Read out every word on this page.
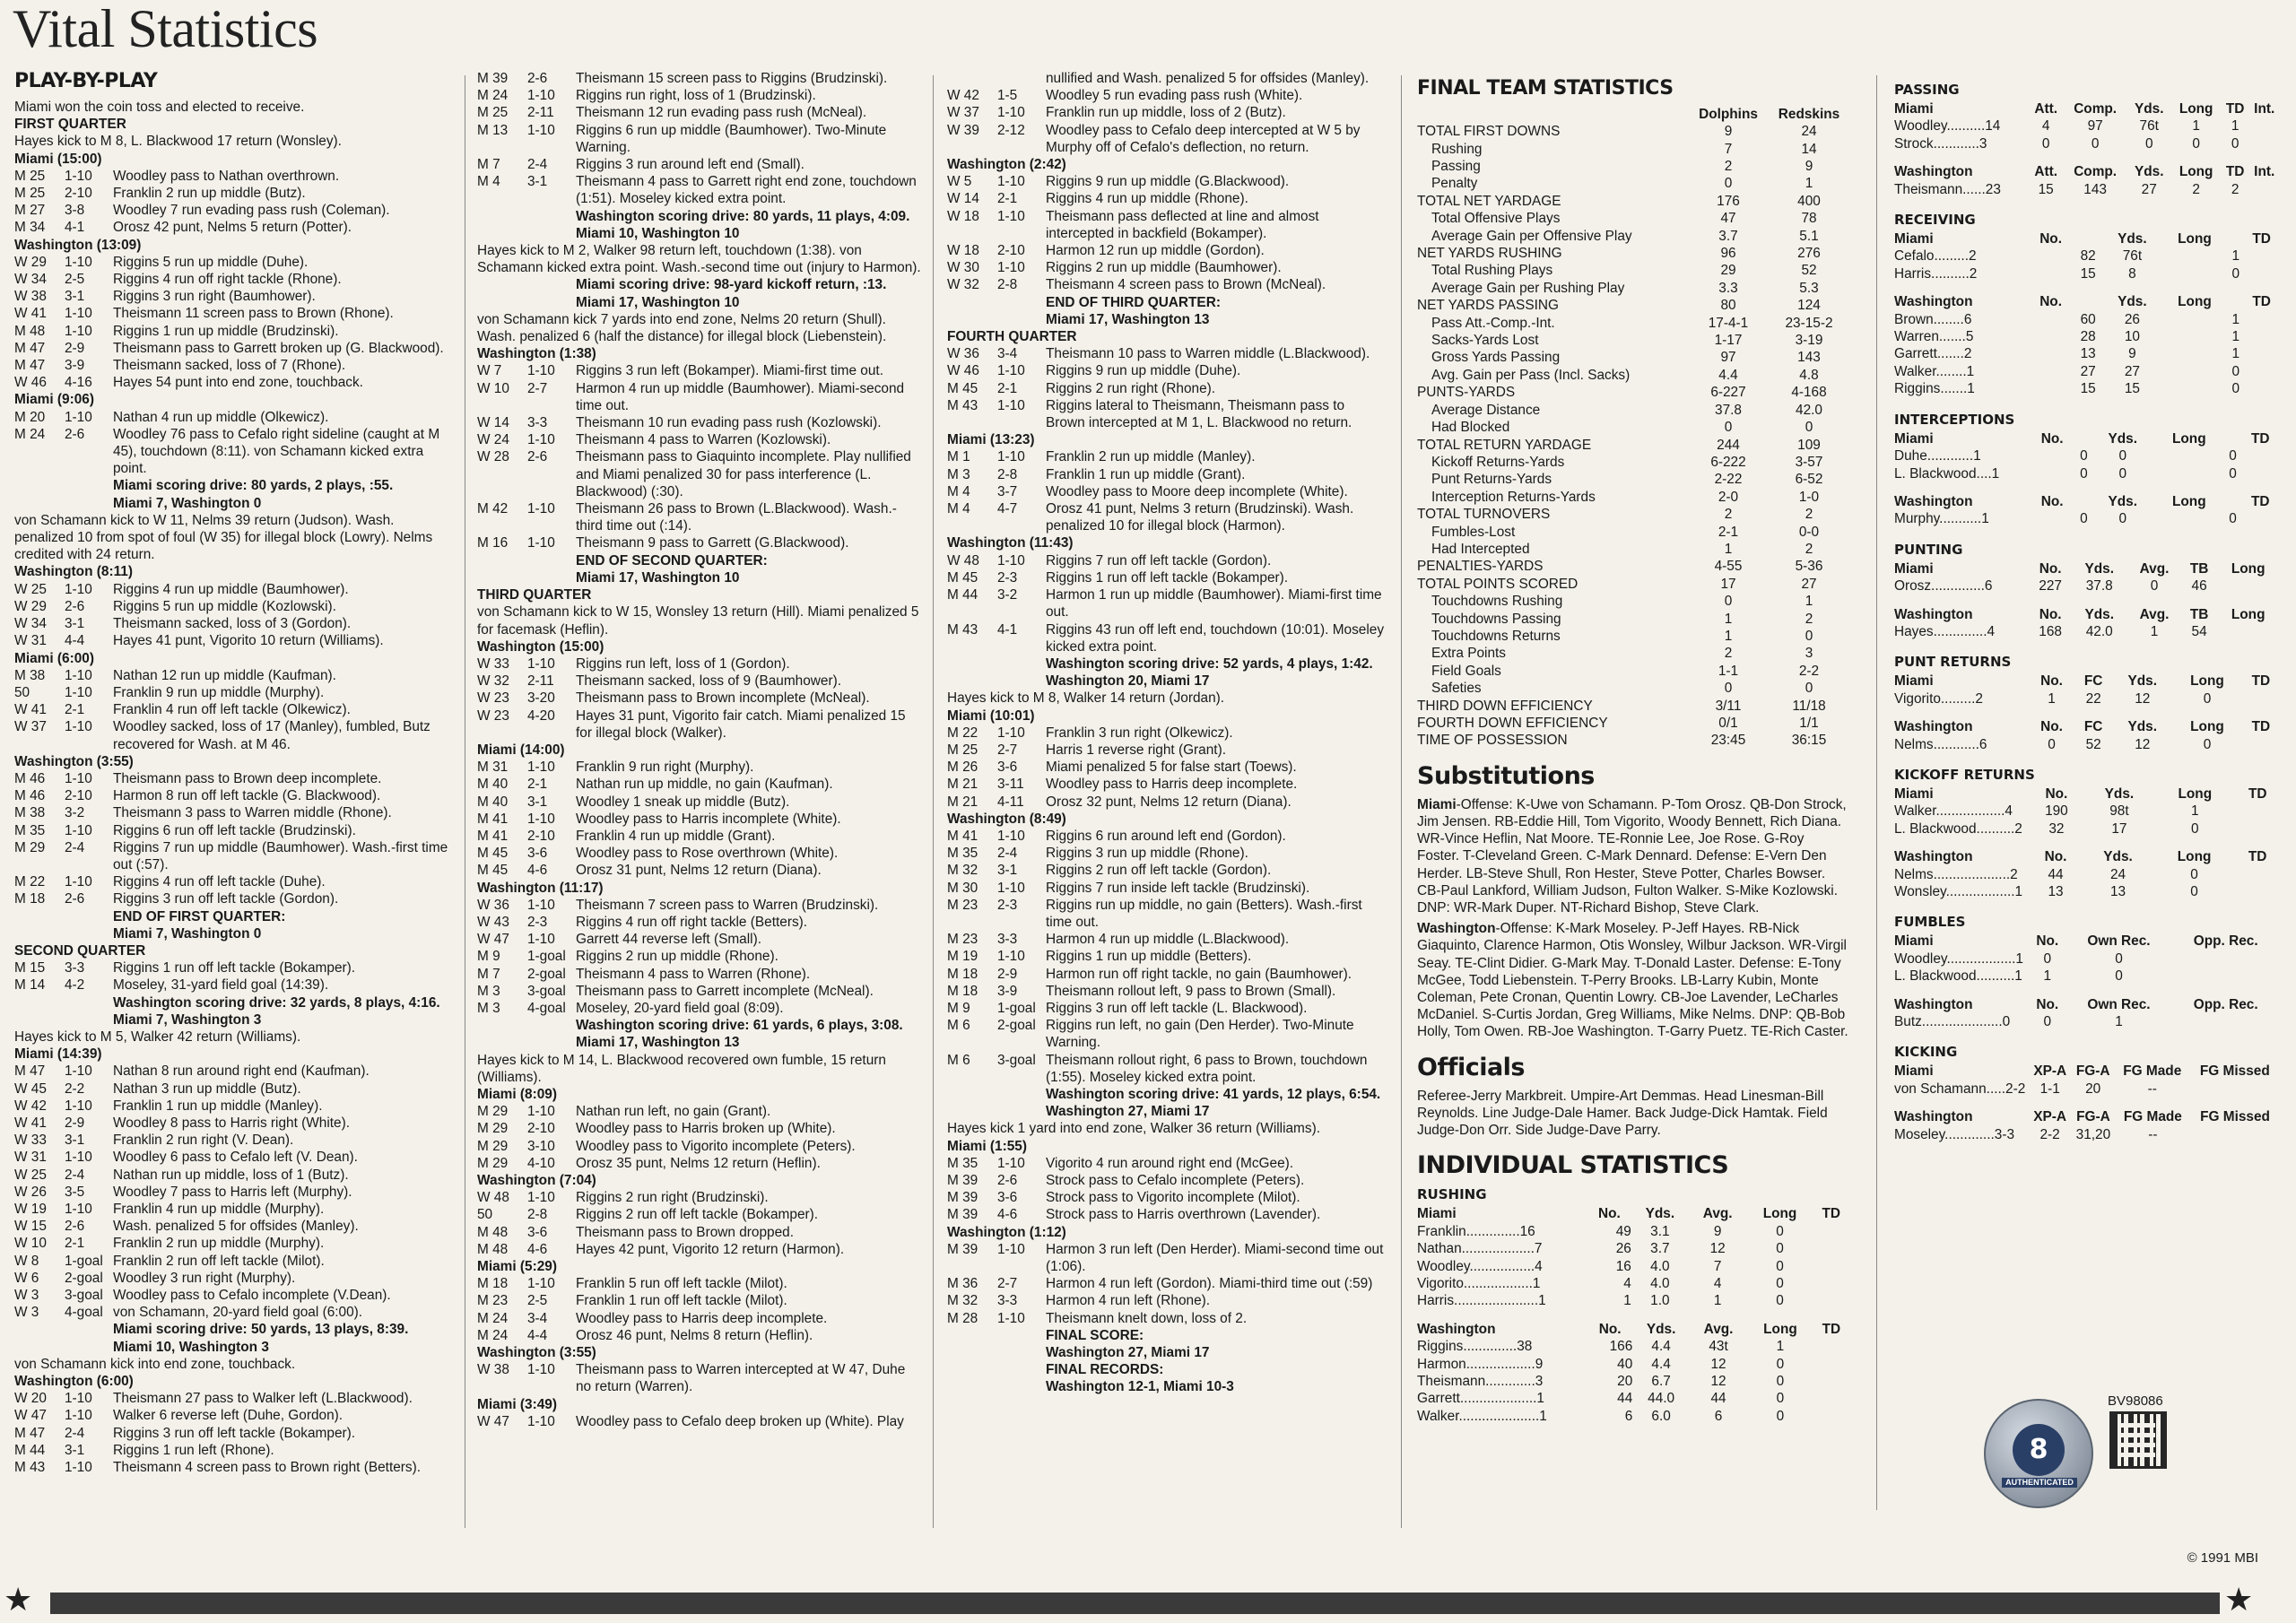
Vital Statistics
PLAY-BY-PLAY
Miami won the coin toss and elected to receive.
FIRST QUARTER
Hayes kick to M 8, L. Blackwood 17 return (Wonsley).
Miami (15:00)
M 25	1-10	Woodley pass to Nathan overthrown.
M 25	2-10	Franklin 2 run up middle (Butz).
M 27	3-8	Woodley 7 run evading pass rush (Coleman).
M 34	4-1	Orosz 42 punt, Nelms 5 return (Potter).
Washington (13:09)
W 29	1-10	Riggins 5 run up middle (Duhe).
W 34	2-5	Riggins 4 run off right tackle (Rhone).
W 38	3-1	Riggins 3 run right (Baumhower).
W 41	1-10	Theismann 11 screen pass to Brown (Rhone).
M 48	1-10	Riggins 1 run up middle (Brudzinski).
M 47	2-9	Theismann pass to Garrett broken up (G. Blackwood).
M 47	3-9	Theismann sacked, loss of 7 (Rhone).
W 46	4-16	Hayes 54 punt into end zone, touchback.
Miami (9:06)
M 20	1-10	Nathan 4 run up middle (Olkewicz).
M 24	2-6	Woodley 76 pass to Cefalo right sideline (caught at M 45), touchdown (8:11). von Schamann kicked extra point.
Miami scoring drive: 80 yards, 2 plays, :55.
Miami 7, Washington 0
von Schamann kick to W 11, Nelms 39 return (Judson). Wash. penalized 10 from spot of foul (W 35) for illegal block (Lowry). Nelms credited with 24 return.
Washington (8:11)
W 25	1-10	Riggins 4 run up middle (Baumhower).
W 29	2-6	Riggins 5 run up middle (Kozlowski).
W 34	3-1	Theismann sacked, loss of 3 (Gordon).
W 31	4-4	Hayes 41 punt, Vigorito 10 return (Williams).
Miami (6:00)
M 38	1-10	Nathan 12 run up middle (Kaufman).
50	1-10	Franklin 9 run up middle (Murphy).
W 41	2-1	Franklin 4 run off left tackle (Olkewicz).
W 37	1-10	Woodley sacked, loss of 17 (Manley), fumbled, Butz recovered for Wash. at M 46.
Washington (3:55)
M 46	1-10	Theismann pass to Brown deep incomplete.
M 46	2-10	Harmon 8 run off left tackle (G. Blackwood).
M 38	3-2	Theismann 3 pass to Warren middle (Rhone).
M 35	1-10	Riggins 6 run off left tackle (Brudzinski).
M 29	2-4	Riggins 7 run up middle (Baumhower). Wash.-first time out (:57).
M 22	1-10	Riggins 4 run off left tackle (Duhe).
M 18	2-6	Riggins 3 run off left tackle (Gordon).
END OF FIRST QUARTER:
Miami 7, Washington 0
SECOND QUARTER
M 15	3-3	Riggins 1 run off left tackle (Bokamper).
M 14	4-2	Moseley, 31-yard field goal (14:39).
Washington scoring drive: 32 yards, 8 plays, 4:16.
Miami 7, Washington 3
Hayes kick to M 5, Walker 42 return (Williams).
Miami (14:39)
M 47	1-10	Nathan 8 run around right end (Kaufman).
W 45	2-2	Nathan 3 run up middle (Butz).
W 42	1-10	Franklin 1 run up middle (Manley).
W 41	2-9	Woodley 8 pass to Harris right (White).
W 33	3-1	Franklin 2 run right (V. Dean).
W 31	1-10	Woodley 6 pass to Cefalo left (V. Dean).
W 25	2-4	Nathan run up middle, loss of 1 (Butz).
W 26	3-5	Woodley 7 pass to Harris left (Murphy).
W 19	1-10	Franklin 4 run up middle (Murphy).
W 15	2-6	Wash. penalized 5 for offsides (Manley).
W 10	2-1	Franklin 2 run up middle (Murphy).
W 8	1-goal Franklin 2 run off left tackle (Milot).
W 6	2-goal Woodley 3 run right (Murphy).
W 3	3-goal Woodley pass to Cefalo incomplete (V.Dean).
W 3	4-goal von Schamann, 20-yard field goal (6:00).
Miami scoring drive: 50 yards, 13 plays, 8:39.
Miami 10, Washington 3
von Schamann kick into end zone, touchback.
Washington (6:00)
W 20	1-10	Theismann 27 pass to Walker left (L.Blackwood).
W 47	1-10	Walker 6 reverse left (Duhe, Gordon).
M 47	2-4	Riggins 3 run off left tackle (Bokamper).
M 44	3-1	Riggins 1 run left (Rhone).
M 43	1-10	Theismann 4 screen pass to Brown right (Betters).
M 39	2-6	Theismann 15 screen pass to Riggins (Brudzinski).
M 24	1-10	Riggins run right, loss of 1 (Brudzinski).
M 25	2-11	Theismann 12 run evading pass rush (McNeal).
M 13	1-10	Riggins 6 run up middle (Baumhower). Two-Minute Warning.
M 7	2-4	Riggins 3 run around left end (Small).
M 4	3-1	Theismann 4 pass to Garrett right end zone, touchdown (1:51). Moseley kicked extra point.
Washington scoring drive: 80 yards, 11 plays, 4:09.
Miami 10, Washington 10
Hayes kick to M 2, Walker 98 return left, touchdown (1:38). von Schamann kicked extra point. Wash.-second time out (injury to Harmon).
Miami scoring drive: 98-yard kickoff return, :13.
Miami 17, Washington 10
von Schamann kick 7 yards into end zone, Nelms 20 return (Shull). Wash. penalized 6 (half the distance) for illegal block (Liebenstein).
Washington (1:38)
W 7	1-10	Riggins 3 run left (Bokamper). Miami-first time out.
W 10	2-7	Harmon 4 run up middle (Baumhower). Miami-second time out.
W 14	3-3	Theismann 10 run evading pass rush (Kozlowski).
W 24	1-10	Theismann 4 pass to Warren (Kozlowski).
W 28	2-6	Theismann pass to Giaquinto incomplete. Play nullified and Miami penalized 30 for pass interference (L. Blackwood) (:30).
M 42	1-10	Theismann 26 pass to Brown (L.Blackwood). Wash.-third time out (:14).
M 16	1-10	Theismann 9 pass to Garrett (G.Blackwood).
END OF SECOND QUARTER:
Miami 17, Washington 10
THIRD QUARTER
von Schamann kick to W 15, Wonsley 13 return (Hill). Miami penalized 5 for facemask (Heflin).
Washington (15:00)
W 33	1-10	Riggins run left, loss of 1 (Gordon).
W 32	2-11	Theismann sacked, loss of 9 (Baumhower).
W 23	3-20	Theismann pass to Brown incomplete (McNeal).
W 23	4-20	Hayes 31 punt, Vigorito fair catch. Miami penalized 15 for illegal block (Walker).
Miami (14:00)
M 31	1-10	Franklin 9 run right (Murphy).
M 40	2-1	Nathan run up middle, no gain (Kaufman).
M 40	3-1	Woodley 1 sneak up middle (Butz).
M 41	1-10	Woodley pass to Harris incomplete (White).
M 41	2-10	Franklin 4 run up middle (Grant).
M 45	3-6	Woodley pass to Rose overthrown (White).
M 45	4-6	Orosz 31 punt, Nelms 12 return (Diana).
Washington (11:17)
W 36	1-10	Theismann 7 screen pass to Warren (Brudzinski).
W 43	2-3	Riggins 4 run off right tackle (Betters).
W 47	1-10	Garrett 44 reverse left (Small).
M 9	1-goal Riggins 2 run up middle (Rhone).
M 7	2-goal Theismann 4 pass to Warren (Rhone).
M 3	3-goal Theismann pass to Garrett incomplete (McNeal).
M 3	4-goal Moseley, 20-yard field goal (8:09).
Washington scoring drive: 61 yards, 6 plays, 3:08.
Miami 17, Washington 13
Hayes kick to M 14, L. Blackwood recovered own fumble, 15 return (Williams).
Miami (8:09)
M 29	1-10	Nathan run left, no gain (Grant).
M 29	2-10	Woodley pass to Harris broken up (White).
M 29	3-10	Woodley pass to Vigorito incomplete (Peters).
M 29	4-10	Orosz 35 punt, Nelms 12 return (Heflin).
Washington (7:04)
W 48	1-10	Riggins 2 run right (Brudzinski).
50	2-8	Riggins 2 run off left tackle (Bokamper).
M 48	3-6	Theismann pass to Brown dropped.
M 48	4-6	Hayes 42 punt, Vigorito 12 return (Harmon).
Miami (5:29)
M 18	1-10	Franklin 5 run off left tackle (Milot).
M 23	2-5	Franklin 1 run off left tackle (Milot).
M 24	3-4	Woodley pass to Harris deep incomplete.
M 24	4-4	Orosz 46 punt, Nelms 8 return (Heflin).
Washington (3:55)
W 38	1-10	Theismann pass to Warren intercepted at W 47, Duhe no return (Warren).
Miami (3:49)
W 47	1-10	Woodley pass to Cefalo deep broken up (White). Play
nullified and Wash. penalized 5 for offsides (Manley).
W 42	1-5	Woodley 5 run evading pass rush (White).
W 37	1-10	Franklin run up middle, loss of 2 (Butz).
W 39	2-12	Woodley pass to Cefalo deep intercepted at W 5 by Murphy off of Cefalo's deflection, no return.
Washington (2:42)
W 5	1-10	Riggins 9 run up middle (G.Blackwood).
W 14	2-1	Riggins 4 run up middle (Rhone).
W 18	1-10	Theismann pass deflected at line and almost intercepted in backfield (Bokamper).
W 18	2-10	Harmon 12 run up middle (Gordon).
W 30	1-10	Riggins 2 run up middle (Baumhower).
W 32	2-8	Theismann 4 screen pass to Brown (McNeal).
END OF THIRD QUARTER:
Miami 17, Washington 13
FOURTH QUARTER
W 36	3-4	Theismann 10 pass to Warren middle (L.Blackwood).
W 46	1-10	Riggins 9 run up middle (Duhe).
M 45	2-1	Riggins 2 run right (Rhone).
M 43	1-10	Riggins lateral to Theismann, Theismann pass to Brown intercepted at M 1, L. Blackwood no return.
Miami (13:23)
M 1	1-10	Franklin 2 run up middle (Manley).
M 3	2-8	Franklin 1 run up middle (Grant).
M 4	3-7	Woodley pass to Moore deep incomplete (White).
M 4	4-7	Orosz 41 punt, Nelms 3 return (Brudzinski). Wash. penalized 10 for illegal block (Harmon).
Washington (11:43)
W 48	1-10	Riggins 7 run off left tackle (Gordon).
M 45	2-3	Riggins 1 run off left tackle (Bokamper).
M 44	3-2	Harmon 1 run up middle (Baumhower). Miami-first time out.
M 43	4-1	Riggins 43 run off left end, touchdown (10:01). Moseley kicked extra point.
Washington scoring drive: 52 yards, 4 plays, 1:42.
Washington 20, Miami 17
Hayes kick to M 8, Walker 14 return (Jordan).
Miami (10:01)
M 22	1-10	Franklin 3 run right (Olkewicz).
M 25	2-7	Harris 1 reverse right (Grant).
M 26	3-6	Miami penalized 5 for false start (Toews).
M 21	3-11	Woodley pass to Harris deep incomplete.
M 21	4-11	Orosz 32 punt, Nelms 12 return (Diana).
Washington (8:49)
M 41	1-10	Riggins 6 run around left end (Gordon).
M 35	2-4	Riggins 3 run up middle (Rhone).
M 32	3-1	Riggins 2 run off left tackle (Gordon).
M 30	1-10	Riggins 7 run inside left tackle (Brudzinski).
M 23	2-3	Riggins run up middle, no gain (Betters). Wash.-first time out.
M 23	3-3	Harmon 4 run up middle (L.Blackwood).
M 19	1-10	Riggins 1 run up middle (Betters).
M 18	2-9	Harmon run off right tackle, no gain (Baumhower).
M 18	3-9	Theismann rollout left, 9 pass to Brown (Small).
M 9	1-goal Riggins 3 run off left tackle (L. Blackwood).
M 6	2-goal Riggins run left, no gain (Den Herder). Two-Minute Warning.
M 6	3-goal Theismann rollout right, 6 pass to Brown, touchdown (1:55). Moseley kicked extra point.
Washington scoring drive: 41 yards, 12 plays, 6:54.
Washington 27, Miami 17
Hayes kick 1 yard into end zone, Walker 36 return (Williams).
Miami (1:55)
M 35	1-10	Vigorito 4 run around right end (McGee).
M 39	2-6	Strock pass to Cefalo incomplete (Peters).
M 39	3-6	Strock pass to Vigorito incomplete (Milot).
M 39	4-6	Strock pass to Harris overthrown (Lavender).
Washington (1:12)
M 39	1-10	Harmon 3 run left (Den Herder). Miami-second time out (1:06).
M 36	2-7	Harmon 4 run left (Gordon). Miami-third time out (:59)
M 32	3-3	Harmon 4 run left (Rhone).
M 28	1-10	Theismann knelt down, loss of 2.
FINAL SCORE:
Washington 27, Miami 17
FINAL RECORDS:
Washington 12-1, Miami 10-3
FINAL TEAM STATISTICS
	Dolphins	Redskins
TOTAL FIRST DOWNS	9	24
Rushing	7	14
Passing	2	9
Penalty	0	1
TOTAL NET YARDAGE	176	400
Total Offensive Plays	47	78
Average Gain per Offensive Play	3.7	5.1
NET YARDS RUSHING	96	276
Total Rushing Plays	29	52
Average Gain per Rushing Play	3.3	5.3
NET YARDS PASSING	80	124
Pass Att.-Comp.-Int.	17-4-1	23-15-2
Sacks-Yards Lost	1-17	3-19
Gross Yards Passing	97	143
Avg. Gain per Pass (Incl. Sacks)	4.4	4.8
PUNTS-YARDS	6-227	4-168
Average Distance	37.8	42.0
Had Blocked	0	0
TOTAL RETURN YARDAGE	244	109
Kickoff Returns-Yards	6-222	3-57
Punt Returns-Yards	2-22	6-52
Interception Returns-Yards	2-0	1-0
TOTAL TURNOVERS	2	2
Fumbles-Lost	2-1	0-0
Had Intercepted	1	2
PENALTIES-YARDS	4-55	5-36
TOTAL POINTS SCORED	17	27
Touchdowns Rushing	0	1
Touchdowns Passing	1	2
Touchdowns Returns	1	0
Extra Points	2	3
Field Goals	1-1	2-2
Safeties	0	0
THIRD DOWN EFFICIENCY	3/11	11/18
FOURTH DOWN EFFICIENCY	0/1	1/1
TIME OF POSSESSION	23:45	36:15
Substitutions
Miami-Offense: K-Uwe von Schamann. P-Tom Orosz. QB-Don Strock, Jim Jensen. RB-Eddie Hill, Tom Vigorito, Woody Bennett, Rich Diana. WR-Vince Heflin, Nat Moore. TE-Ronnie Lee, Joe Rose. G-Roy Foster. T-Cleveland Green. C-Mark Dennard. Defense: E-Vern Den Herder. LB-Steve Shull, Ron Hester, Steve Potter, Charles Bowser. CB-Paul Lankford, William Judson, Fulton Walker. S-Mike Kozlowski. DNP: WR-Mark Duper. NT-Richard Bishop, Steve Clark.
Washington-Offense: K-Mark Moseley. P-Jeff Hayes. RB-Nick Giaquinto, Clarence Harmon, Otis Wonsley, Wilbur Jackson. WR-Virgil Seay. TE-Clint Didier. G-Mark May. T-Donald Laster. Defense: E-Tony McGee, Todd Liebenstein. T-Perry Brooks. LB-Larry Kubin, Monte Coleman, Pete Cronan, Quentin Lowry. CB-Joe Lavender, LeCharles McDaniel. S-Curtis Jordan, Greg Williams, Mike Nelms. DNP: QB-Bob Holly, Tom Owen. RB-Joe Washington. T-Garry Puetz. TE-Rich Caster.
Officials
Referee-Jerry Markbreit. Umpire-Art Demmas. Head Linesman-Bill Reynolds. Line Judge-Dale Hamer. Back Judge-Dick Hamtak. Field Judge-Don Orr. Side Judge-Dave Parry.
INDIVIDUAL STATISTICS
RUSHING
Miami	No.	Yds.	Avg.	Long	TD
Franklin..............16	49	3.1	9	0	
Nathan...................7	26	3.7	12	0	
Woodley.................4	16	4.0	7	0	
Vigorito..................1	4	4.0	4	0	
Harris......................1	1	1.0	1	0	
Washington	No.	Yds.	Avg.	Long	TD
Riggins..............38	166	4.4	43t	1	
Harmon..................9	40	4.4	12	0	
Theismann.............3	20	6.7	12	0	
Garrett....................1	44	44.0	44	0	
Walker.....................1	6	6.0	6	0	
PASSING
Miami	Att.	Comp.	Yds.	Long	TD	Int.
Woodley..........14	4	97	76t	1	1	
Strock............3	0	0	0	0	0	
Washington	Att.	Comp.	Yds.	Long	TD	Int.
Theismann......23	15	143	27	2	2	
RECEIVING
Miami	No.		Yds.	Long		TD
Cefalo.........2		82	76t		1	
Harris..........2		15	8		0	
Washington	No.		Yds.	Long		TD
Brown........6		60	26		1	
Warren.......5		28	10		1	
Garrett.......2		13	9		1	
Walker........1		27	27		0	
Riggins.......1		15	15		0	
INTERCEPTIONS
Miami	No.		Yds.	Long		TD
Duhe............1		0	0		0	
L. Blackwood....1		0	0		0	
Washington	No.		Yds.	Long		TD
Murphy...........1		0	0		0	
PUNTING
Miami	No.	Yds.	Avg.	TB	Long
Orosz..............6	227	37.8	0	46	
Washington	No.	Yds.	Avg.	TB	Long
Hayes..............4	168	42.0	1	54	
PUNT RETURNS
Miami	No.	FC	Yds.	Long	TD
Vigorito.........2	1	22	12	0	
Washington	No.	FC	Yds.	Long	TD
Nelms............6	0	52	12	0	
KICKOFF RETURNS
Miami	No.	Yds.	Long	TD
Walker..................4	190	98t	1	
L. Blackwood..........2	32	17	0	
Washington	No.	Yds.	Long	TD
Nelms....................2	44	24	0	
Wonsley..................1	13	13	0	
FUMBLES
Miami	No.	Own Rec.	Opp. Rec.
Woodley..................1	0	0	
L. Blackwood..........1	1	0	
Washington	No.	Own Rec.	Opp. Rec.
Butz.....................0	0	1	
KICKING
Miami	XP-A	FG-A	FG Made	FG Missed
von Schamann.....2-2	1-1	20	--	
Washington	XP-A	FG-A	FG Made	FG Missed
Moseley.............3-3	2-2	31,20	--	
8
AUTHENTICATED
BV98086
© 1991 MBI
★	★
